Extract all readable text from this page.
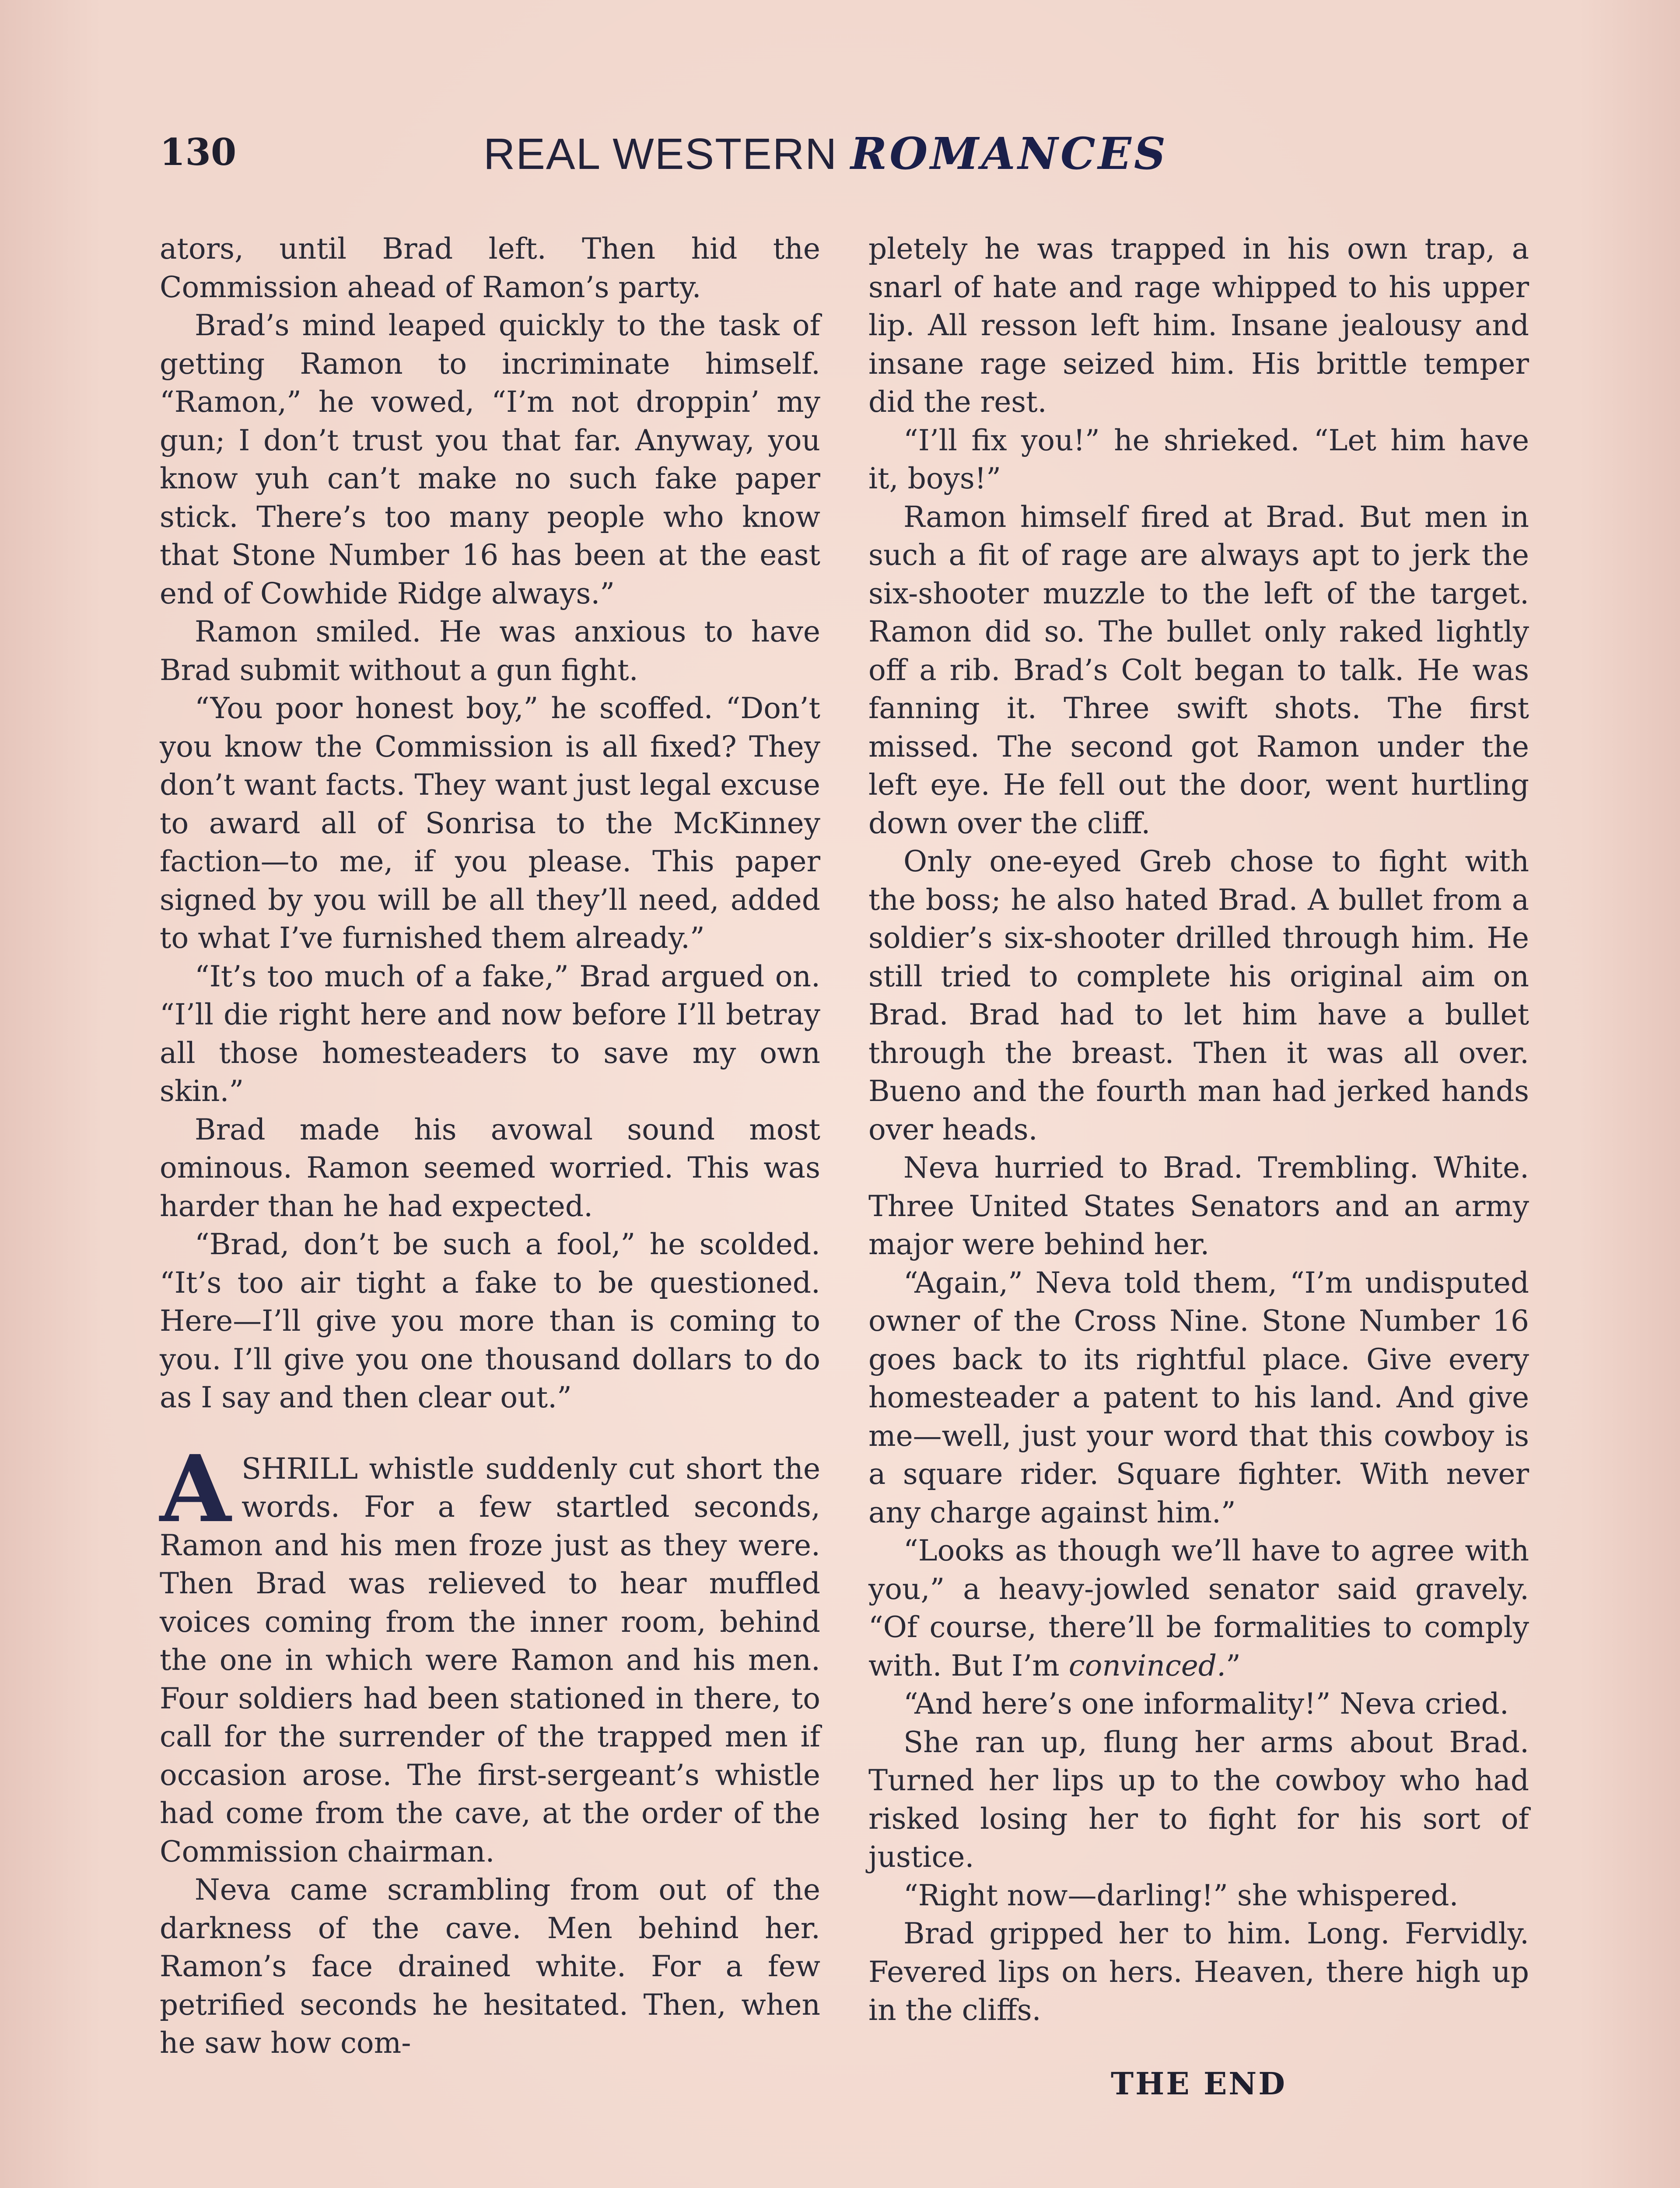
130	REAL WESTERN ROMANCES

ators, until Brad left. Then hid the Commission ahead of Ramon’s party.

Brad’s mind leaped quickly to the task of getting Ramon to incriminate himself. “Ramon,” he vowed, “I’m not droppin’ my gun; I don’t trust you that far. Anyway, you know yuh can’t make no such fake paper stick. There’s too many people who know that Stone Number 16 has been at the east end of Cowhide Ridge always.”

Ramon smiled. He was anxious to have Brad submit without a gun fight.

“You poor honest boy,” he scoffed. “Don’t you know the Commission is all fixed? They don’t want facts. They want just legal excuse to award all of Sonrisa to the McKinney faction—to me, if you please. This paper signed by you will be all they’ll need, added to what I’ve furnished them already.”

“It’s too much of a fake,” Brad argued on. “I’ll die right here and now before I’ll betray all those homesteaders to save my own skin.”

Brad made his avowal sound most ominous. Ramon seemed worried. This was harder than he had expected.

“Brad, don’t be such a fool,” he scolded. “It’s too air tight a fake to be questioned. Here—I’ll give you more than is coming to you. I’ll give you one thousand dollars to do as I say and then clear out.”

A SHRILL whistle suddenly cut short the words. For a few startled seconds, Ramon and his men froze just as they were. Then Brad was relieved to hear muffled voices coming from the inner room, behind the one in which were Ramon and his men. Four soldiers had been stationed in there, to call for the surrender of the trapped men if occasion arose. The first-sergeant’s whistle had come from the cave, at the order of the Commission chairman.

Neva came scrambling from out of the darkness of the cave. Men behind her. Ramon’s face drained white. For a few petrified seconds he hesitated. Then, when he saw how com-

pletely he was trapped in his own trap, a snarl of hate and rage whipped to his upper lip. All resson left him. Insane jealousy and insane rage seized him. His brittle temper did the rest.

“I’ll fix you!” he shrieked. “Let him have it, boys!”

Ramon himself fired at Brad. But men in such a fit of rage are always apt to jerk the six-shooter muzzle to the left of the target. Ramon did so. The bullet only raked lightly off a rib. Brad’s Colt began to talk. He was fanning it. Three swift shots. The first missed. The second got Ramon under the left eye. He fell out the door, went hurtling down over the cliff.

Only one-eyed Greb chose to fight with the boss; he also hated Brad. A bullet from a soldier’s six-shooter drilled through him. He still tried to complete his original aim on Brad. Brad had to let him have a bullet through the breast. Then it was all over. Bueno and the fourth man had jerked hands over heads.

Neva hurried to Brad. Trembling. White. Three United States Senators and an army major were behind her.

“Again,” Neva told them, “I’m undisputed owner of the Cross Nine. Stone Number 16 goes back to its rightful place. Give every homesteader a patent to his land. And give me—well, just your word that this cowboy is a square rider. Square fighter. With never any charge against him.”

“Looks as though we’ll have to agree with you,” a heavy-jowled senator said gravely. “Of course, there’ll be formalities to comply with. But I’m convinced.”

“And here’s one informality!” Neva cried.

She ran up, flung her arms about Brad. Turned her lips up to the cowboy who had risked losing her to fight for his sort of justice.

“Right now—darling!” she whispered.

Brad gripped her to him. Long. Fervidly. Fevered lips on hers. Heaven, there high up in the cliffs.

THE END
